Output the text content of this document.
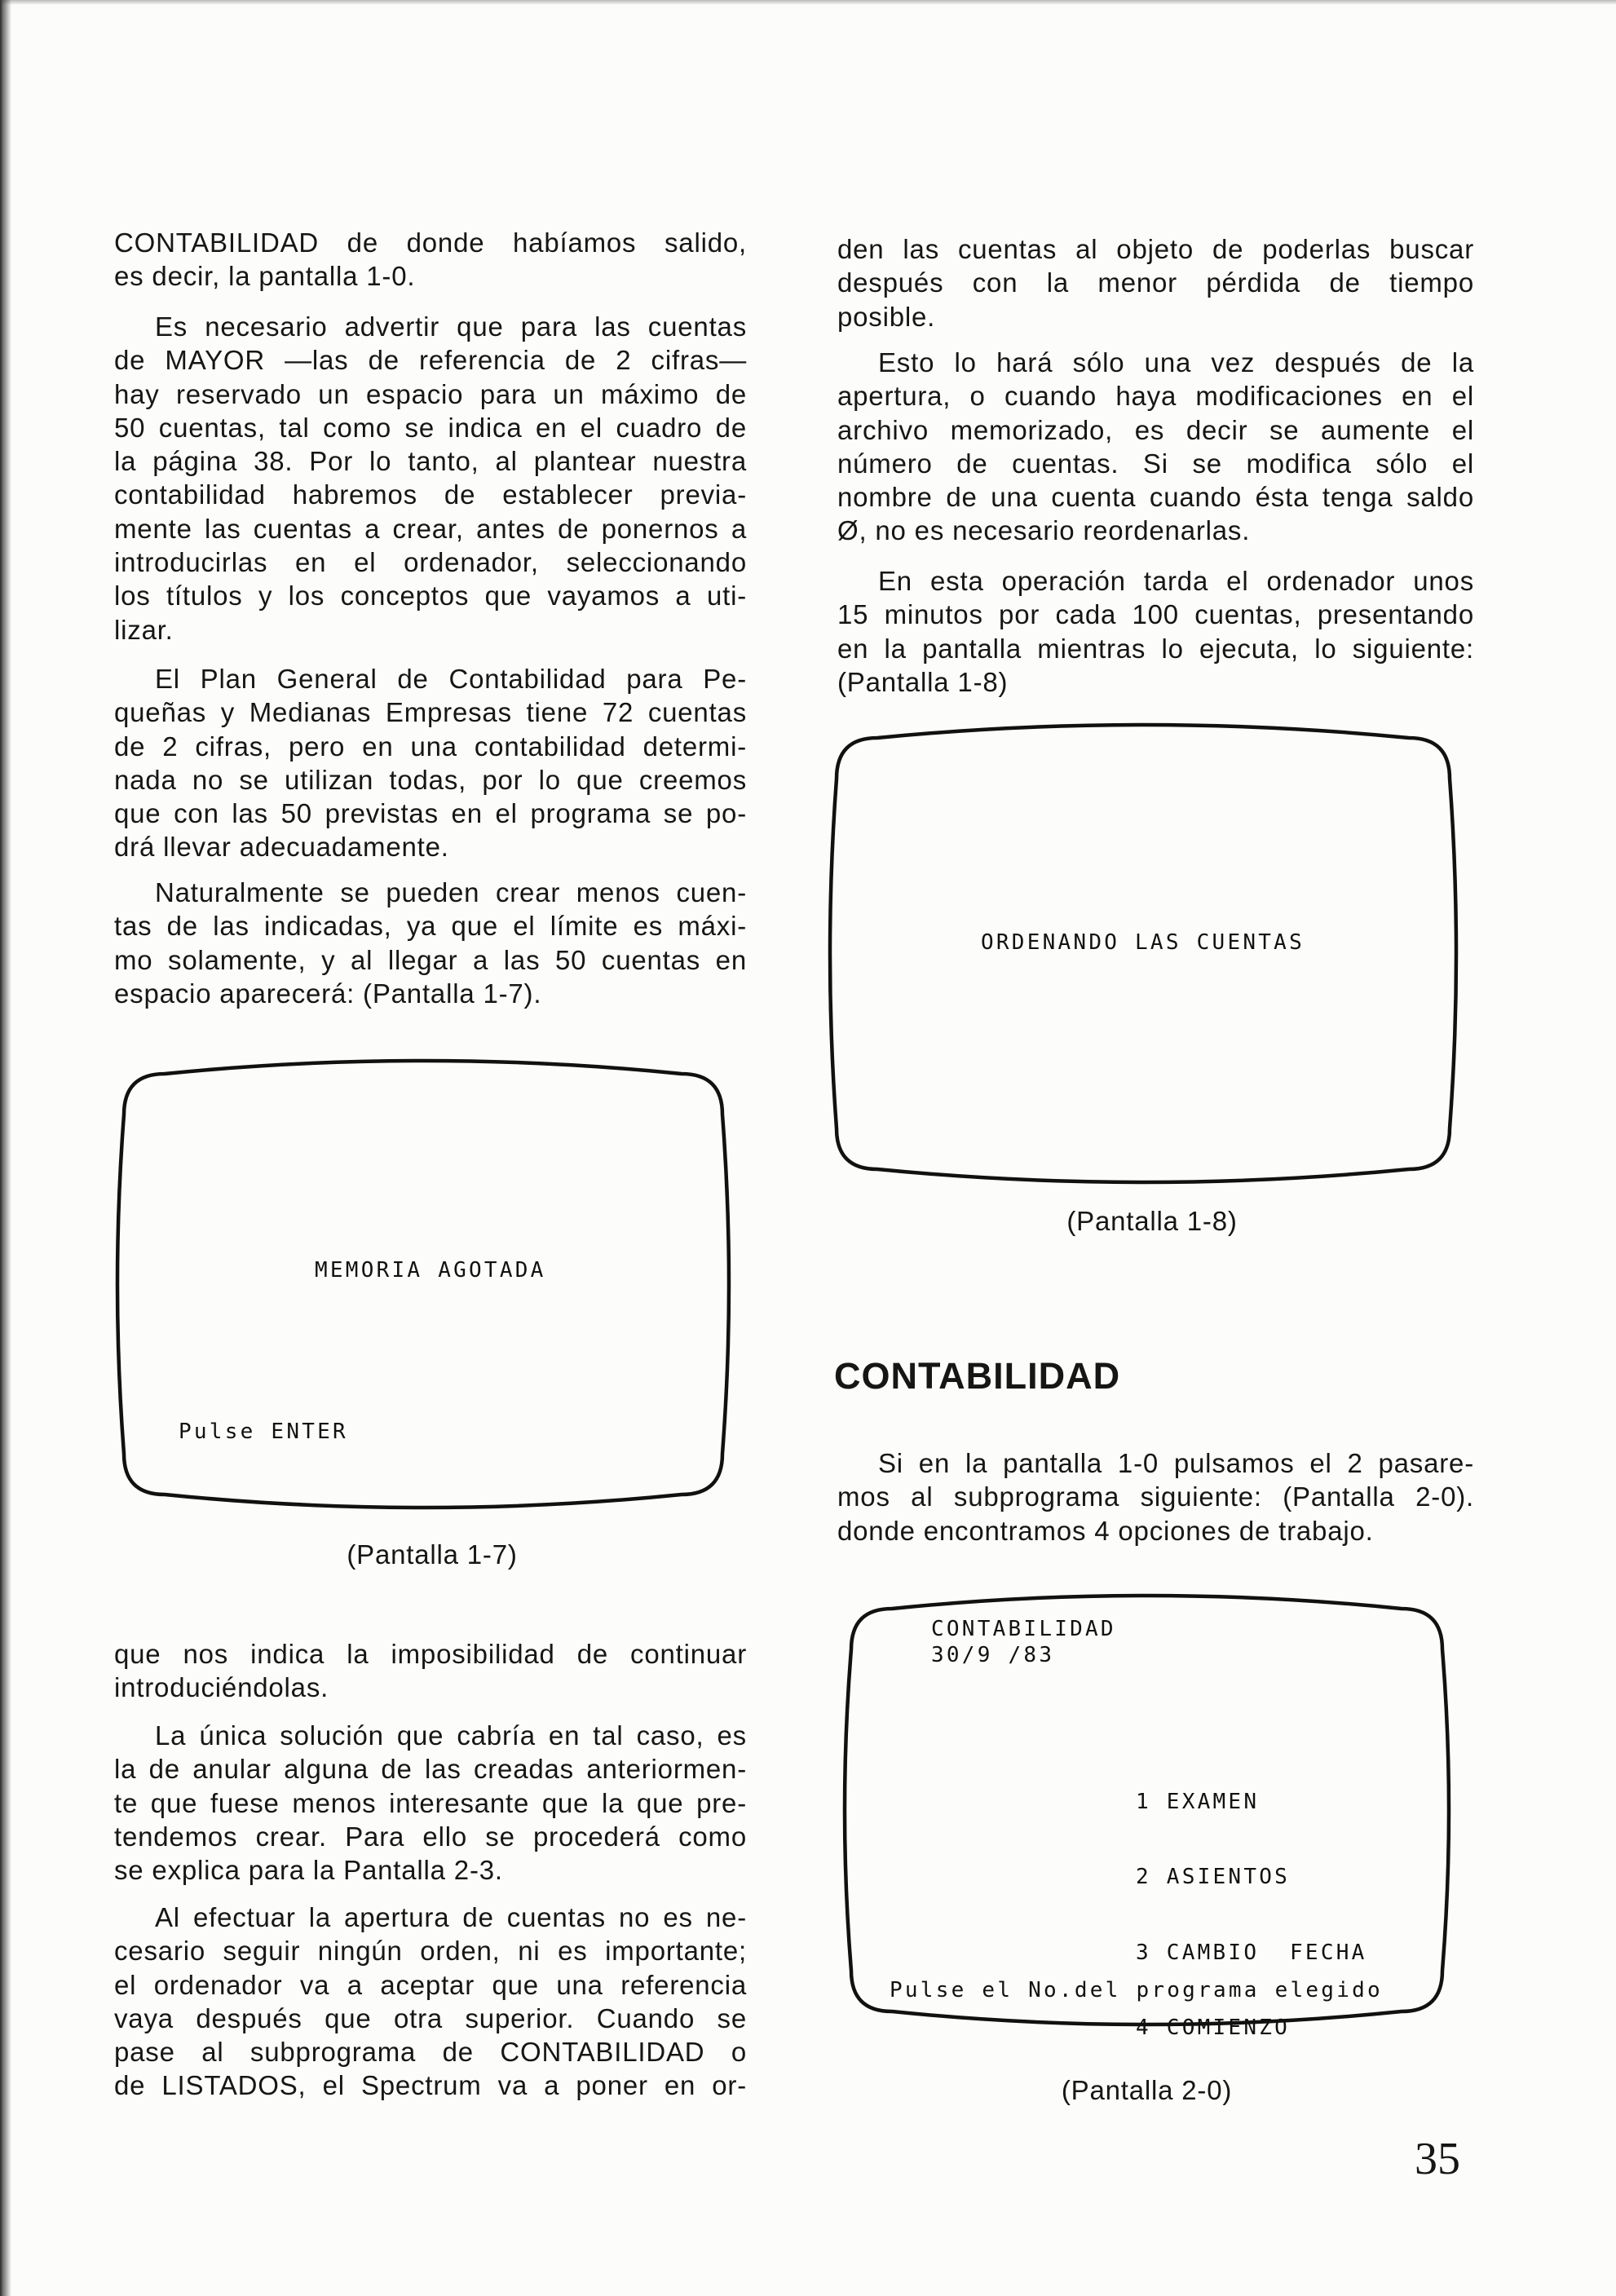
CONTABILIDAD de donde habíamos salido,
es decir, la pantalla 1-0.
Es necesario advertir que para las cuentas
de MAYOR —las de referencia de 2 cifras—
hay reservado un espacio para un máximo de
50 cuentas, tal como se indica en el cuadro de
la página 38. Por lo tanto, al plantear nuestra
contabilidad habremos de establecer previa-
mente las cuentas a crear, antes de ponernos a
introducirlas en el ordenador, seleccionando
los títulos y los conceptos que vayamos a uti-
lizar.
El Plan General de Contabilidad para Pe-
queñas y Medianas Empresas tiene 72 cuentas
de 2 cifras, pero en una contabilidad determi-
nada no se utilizan todas, por lo que creemos
que con las 50 previstas en el programa se po-
drá llevar adecuadamente.
Naturalmente se pueden crear menos cuen-
tas de las indicadas, ya que el límite es máxi-
mo solamente, y al llegar a las 50 cuentas en
espacio aparecerá: (Pantalla 1-7).
que nos indica la imposibilidad de continuar
introduciéndolas.
La única solución que cabría en tal caso, es
la de anular alguna de las creadas anteriormen-
te que fuese menos interesante que la que pre-
tendemos crear. Para ello se procederá como
se explica para la Pantalla 2-3.
Al efectuar la apertura de cuentas no es ne-
cesario seguir ningún orden, ni es importante;
el ordenador va a aceptar que una referencia
vaya después que otra superior. Cuando se
pase al subprograma de CONTABILIDAD o
de LISTADOS, el Spectrum va a poner en or-
den las cuentas al objeto de poderlas buscar
después con la menor pérdida de tiempo
posible.
Esto lo hará sólo una vez después de la
apertura, o cuando haya modificaciones en el
archivo memorizado, es decir se aumente el
número de cuentas. Si se modifica sólo el
nombre de una cuenta cuando ésta tenga saldo
Ø, no es necesario reordenarlas.
En esta operación tarda el ordenador unos
15 minutos por cada 100 cuentas, presentando
en la pantalla mientras lo ejecuta, lo siguiente:
(Pantalla 1-8)
CONTABILIDAD
Si en la pantalla 1-0 pulsamos el 2 pasare-
mos al subprograma siguiente: (Pantalla 2-0).
donde encontramos 4 opciones de trabajo.
MEMORIA AGOTADA
Pulse ENTER
(Pantalla 1-7)
ORDENANDO LAS CUENTAS
(Pantalla 1-8)
CONTABILIDAD
30/9 /83

1 EXAMEN

2 ASIENTOS

3 CAMBIO  FECHA

4 COMIENZO

Pulse el No.del programa elegido
(Pantalla 2-0)
35
